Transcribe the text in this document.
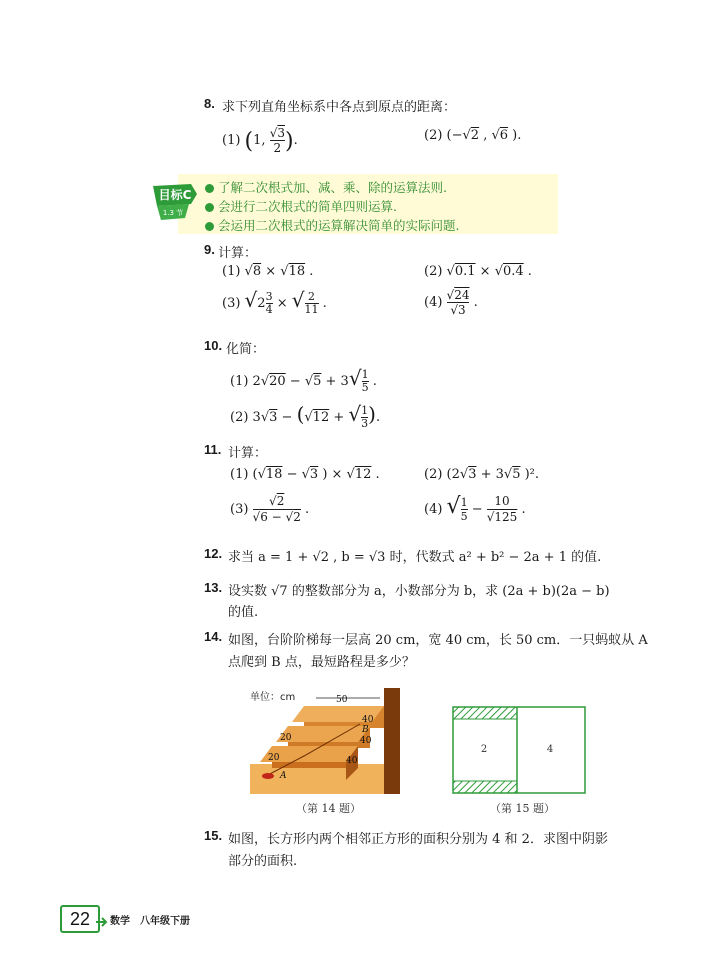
8. 求下列直角坐标系中各点到原点的距离：
(1) (1, $\frac{√3}{2}$ ).	(2) (−√2 , √6 ).
目标C
1.3 节
了解二次根式加、减、乘、除的运算法则.
会进行二次根式的简单四则运算.
会运用二次根式的运算解决简单的实际问题.
9. 计算：
(1) √8 × √18 .	(2) √0.1 × √0.4 .
(3) $√2 \frac{3}{4}$ × √ $\frac{2}{11}$ .	$(4) \frac{√24}{√3}$ .
10. 化简：
(1) $2√20 - √5 + 3√ \frac{1}{5}$ .
(2) 3√3 − (√12 + √ $\frac{1}{3}$ ).
11. 计算：
(1) (√18 − √3 ) × √12 .	(2) (2√3 + 3√5 )².
$(3) \frac{√2}{√6 - √2}$ .	(4) √ $\frac{1}{5} - \frac{10}{√125}$ .
12. 求当 a = 1 + √2 , b = √3 时，代数式 a² + b² − 2a + 1 的值.
13. 设实数 √7 的整数部分为 a，小数部分为 b，求 (2a + b)(2a − b)
的值.
14. 如图，台阶阶梯每一层高 20 cm，宽 40 cm，长 50 cm．一只蚂蚁从 A
点爬到 B 点，最短路程是多少？
单位：cm	50
20
20
40
40
40
B
A
（第 14 题）
2	4
（第 15 题）
15. 如图，长方形内两个相邻正方形的面积分别为 4 和 2．求图中阴影
部分的面积.
22	数学　八年级下册
